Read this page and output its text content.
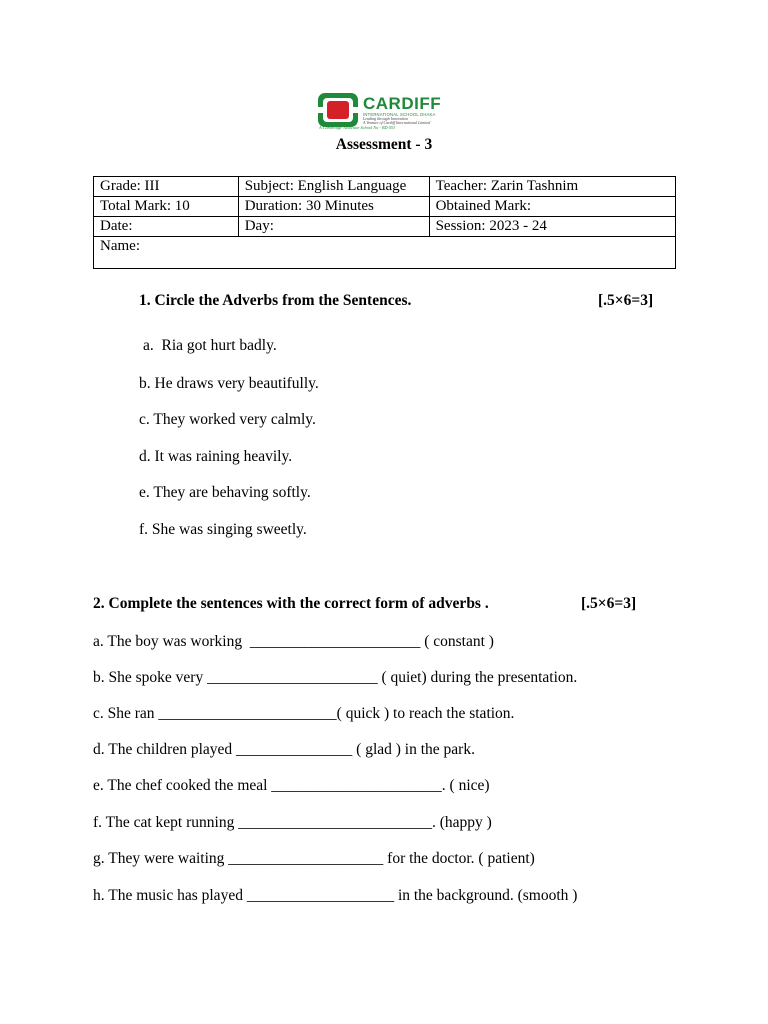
CARDIFF
INTERNATIONAL SCHOOL DHAKA
Leading through Innovation
A Venture of Cardiff International Limited
A Cambridge Associate School No - BD 053
Assessment - 3
Grade: III	Subject: English Language	Teacher: Zarin Tashnim
Total Mark: 10	Duration: 30 Minutes	Obtained Mark:
Date:	Day:	Session: 2023 - 24
Name:		
1. Circle the Adverbs from the Sentences.	[.5×6=3]
a.  Ria got hurt badly.
b. He draws very beautifully.
c. They worked very calmly.
d. It was raining heavily.
e. They are behaving softly.
f. She was singing sweetly.
2. Complete the sentences with the correct form of adverbs .	[.5×6=3]
a. The boy was working  ______________________ ( constant )
b. She spoke very ______________________ ( quiet) during the presentation.
c. She ran _______________________( quick ) to reach the station.
d. The children played _______________ ( glad ) in the park.
e. The chef cooked the meal ______________________. ( nice)
f. The cat kept running _________________________. (happy )
g. They were waiting ____________________ for the doctor. ( patient)
h. The music has played ___________________ in the background. (smooth )
